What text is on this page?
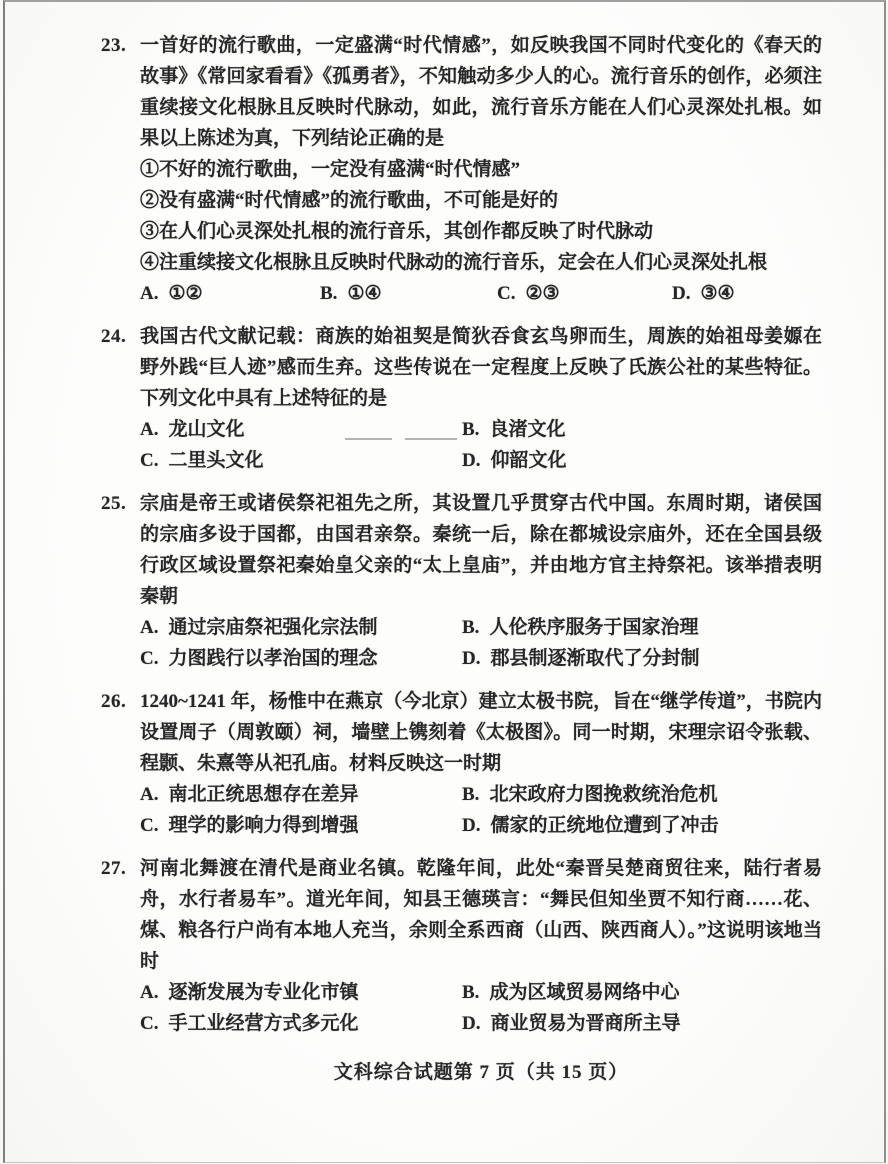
23. 一首好的流行歌曲，一定盛满“时代情感”，如反映我国不同时代变化的《春天的故事》《常回家看看》《孤勇者》，不知触动多少人的心。流行音乐的创作，必须注重续接文化根脉且反映时代脉动，如此，流行音乐方能在人们心灵深处扎根。如果以上陈述为真，下列结论正确的是
①不好的流行歌曲，一定没有盛满“时代情感”
②没有盛满“时代情感”的流行歌曲，不可能是好的
③在人们心灵深处扎根的流行音乐，其创作都反映了时代脉动
④注重续接文化根脉且反映时代脉动的流行音乐，定会在人们心灵深处扎根
A. ①②	B. ①④	C. ②③	D. ③④
24. 我国古代文献记载：商族的始祖契是简狄吞食玄鸟卵而生，周族的始祖母姜嫄在野外践“巨人迹”感而生弃。这些传说在一定程度上反映了氏族公社的某些特征。下列文化中具有上述特征的是
A. 龙山文化	B. 良渚文化
C. 二里头文化	D. 仰韶文化
25. 宗庙是帝王或诸侯祭祀祖先之所，其设置几乎贯穿古代中国。东周时期，诸侯国的宗庙多设于国都，由国君亲祭。秦统一后，除在都城设宗庙外，还在全国县级行政区域设置祭祀秦始皇父亲的“太上皇庙”，并由地方官主持祭祀。该举措表明秦朝
A. 通过宗庙祭祀强化宗法制	B. 人伦秩序服务于国家治理
C. 力图践行以孝治国的理念	D. 郡县制逐渐取代了分封制
26. 1240~1241 年，杨惟中在燕京（今北京）建立太极书院，旨在“继学传道”，书院内设置周子（周敦颐）祠，墙壁上镌刻着《太极图》。同一时期，宋理宗诏令张载、程颢、朱熹等从祀孔庙。材料反映这一时期
A. 南北正统思想存在差异	B. 北宋政府力图挽救统治危机
C. 理学的影响力得到增强	D. 儒家的正统地位遭到了冲击
27. 河南北舞渡在清代是商业名镇。乾隆年间，此处“秦晋吴楚商贸往来，陆行者易舟，水行者易车”。道光年间，知县王德瑛言：“舞民但知坐贾不知行商……花、煤、粮各行户尚有本地人充当，余则全系西商（山西、陕西商人）。”这说明该地当时
A. 逐渐发展为专业化市镇	B. 成为区域贸易网络中心
C. 手工业经营方式多元化	D. 商业贸易为晋商所主导
文科综合试题第 7 页（共 15 页）
